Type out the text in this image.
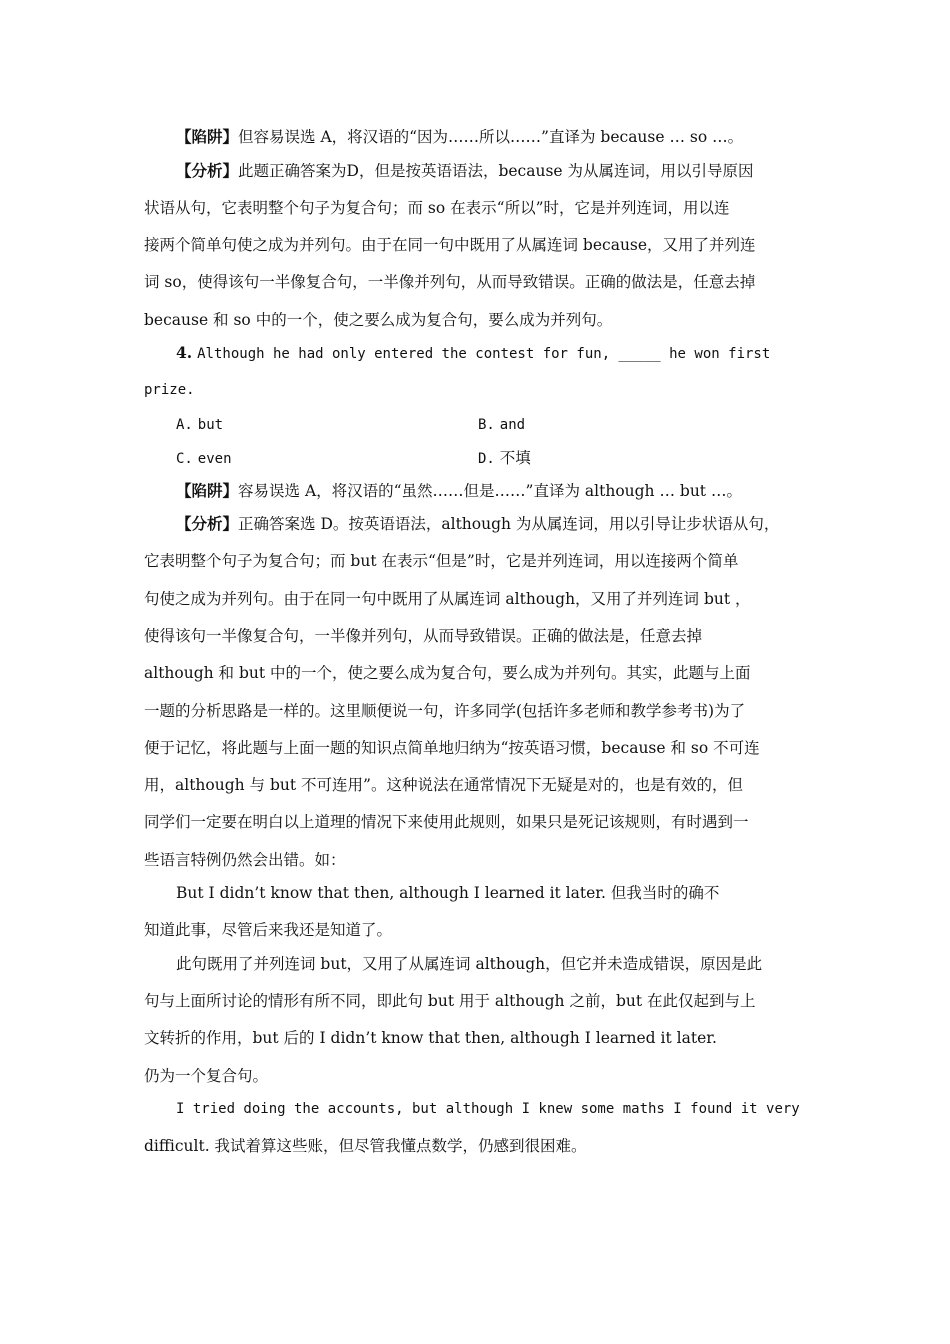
【陷阱】但容易误选 A，将汉语的“因为……所以……”直译为 because … so …。
【分析】此题正确答案为D，但是按英语语法，because 为从属连词，用以引导原因
状语从句，它表明整个句子为复合句；而 so 在表示“所以”时，它是并列连词，用以连
接两个简单句使之成为并列句。由于在同一句中既用了从属连词 because，又用了并列连
词 so，使得该句一半像复合句，一半像并列句，从而导致错误。正确的做法是，任意去掉
because 和 so 中的一个，使之要么成为复合句，要么成为并列句。
4. Although he had only entered the contest for fun, _____ he won first
prize.
A. but	B. and
C. even	D. 不填
【陷阱】容易误选 A，将汉语的“虽然……但是……”直译为 although … but …。
【分析】正确答案选 D。按英语语法，although 为从属连词，用以引导让步状语从句，
它表明整个句子为复合句；而 but 在表示“但是”时，它是并列连词，用以连接两个简单
句使之成为并列句。由于在同一句中既用了从属连词 although，又用了并列连词 but ，
使得该句一半像复合句，一半像并列句，从而导致错误。正确的做法是，任意去掉
although 和 but 中的一个，使之要么成为复合句，要么成为并列句。其实，此题与上面
一题的分析思路是一样的。这里顺便说一句，许多同学(包括许多老师和教学参考书)为了
便于记忆，将此题与上面一题的知识点简单地归纳为“按英语习惯，because 和 so 不可连
用，although 与 but 不可连用”。这种说法在通常情况下无疑是对的，也是有效的，但
同学们一定要在明白以上道理的情况下来使用此规则，如果只是死记该规则，有时遇到一
些语言特例仍然会出错。如：
But I didn’t know that then, although I learned it later. 但我当时的确不
知道此事，尽管后来我还是知道了。
此句既用了并列连词 but，又用了从属连词 although，但它并未造成错误，原因是此
句与上面所讨论的情形有所不同，即此句 but 用于 although 之前，but 在此仅起到与上
文转折的作用，but 后的 I didn’t know that then, although I learned it later.
仍为一个复合句。
I tried doing the accounts, but although I knew some maths I found it very
difficult. 我试着算这些账，但尽管我懂点数学，仍感到很困难。
